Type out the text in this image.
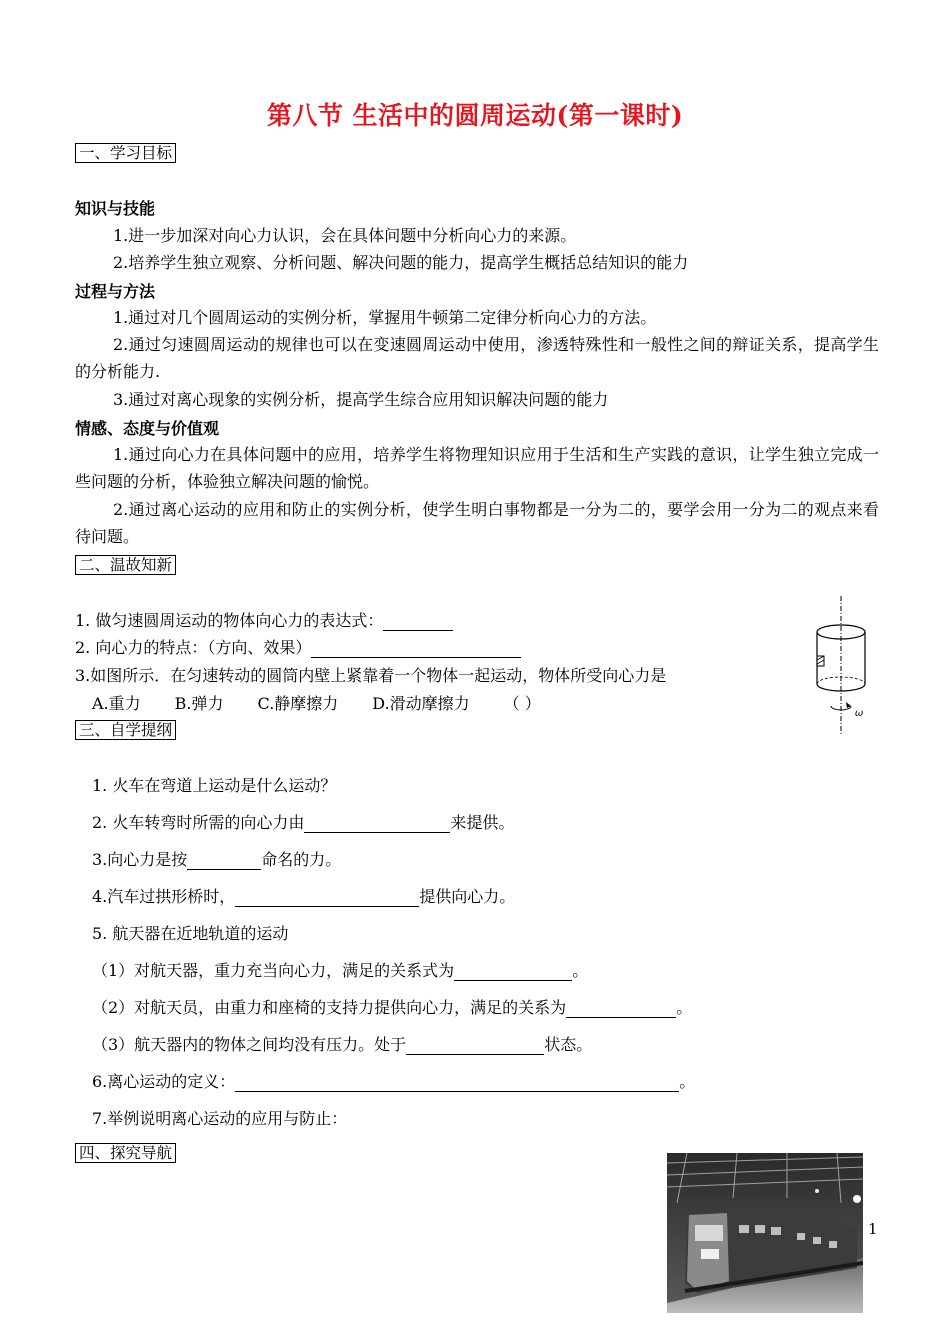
第八节 生活中的圆周运动(第一课时)
一、学习目标
知识与技能
1.进一步加深对向心力认识，会在具体问题中分析向心力的来源。
2.培养学生独立观察、分析问题、解决问题的能力，提高学生概括总结知识的能力
过程与方法
1.通过对几个圆周运动的实例分析，掌握用牛顿第二定律分析向心力的方法。
2.通过匀速圆周运动的规律也可以在变速圆周运动中使用，渗透特殊性和一般性之间的辩证关系，提高学生的分析能力.
3.通过对离心现象的实例分析，提高学生综合应用知识解决问题的能力
情感、态度与价值观
1.通过向心力在具体问题中的应用，培养学生将物理知识应用于生活和生产实践的意识，让学生独立完成一些问题的分析，体验独立解决问题的愉悦。
2.通过离心运动的应用和防止的实例分析，使学生明白事物都是一分为二的，要学会用一分为二的观点来看待问题。
二、温故知新
1. 做匀速圆周运动的物体向心力的表达式：
2. 向心力的特点：（方向、效果）
3.如图所示．在匀速转动的圆筒内壁上紧靠着一个物体一起运动，物体所受向心力是
A.重力 B.弹力 C.静摩擦力 D.滑动摩擦力 （ ）
ω
三、自学提纲
1. 火车在弯道上运动是什么运动？
2. 火车转弯时所需的向心力由	来提供。
3.向心力是按	命名的力。
4.汽车过拱形桥时，	提供向心力。
5. 航天器在近地轨道的运动
（1）对航天器，重力充当向心力，满足的关系式为	。
（2）对航天员，由重力和座椅的支持力提供向心力，满足的关系为	。
（3）航天器内的物体之间均没有压力。处于	状态。
6.离心运动的定义：	。
7.举例说明离心运动的应用与防止：
四、探究导航
1
